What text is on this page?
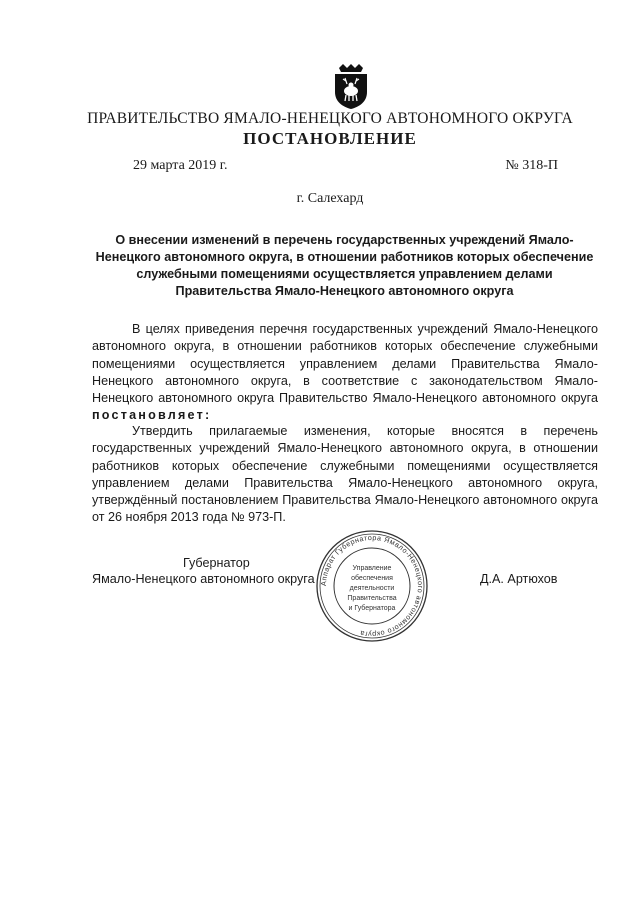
ПРАВИТЕЛЬСТВО ЯМАЛО-НЕНЕЦКОГО АВТОНОМНОГО ОКРУГА
ПОСТАНОВЛЕНИЕ
29 марта 2019 г.	№ 318-П
г. Салехард
О внесении изменений в перечень государственных учреждений Ямало-Ненецкого автономного округа, в отношении работников которых обеспечение служебными помещениями осуществляется управлением делами Правительства Ямало-Ненецкого автономного округа
В целях приведения перечня государственных учреждений Ямало-Ненецкого автономного округа, в отношении работников которых обеспечение служебными помещениями осуществляется управлением делами Правительства Ямало-Ненецкого автономного округа, в соответствие с законодательством Ямало-Ненецкого автономного округа Правительство Ямало-Ненецкого автономного округа постановляет:
Утвердить прилагаемые изменения, которые вносятся в перечень государственных учреждений Ямало-Ненецкого автономного округа, в отношении работников которых обеспечение служебными помещениями осуществляется управлением делами Правительства Ямало-Ненецкого автономного округа, утверждённый постановлением Правительства Ямало-Ненецкого автономного округа от 26 ноября 2013 года № 973-П.
Губернатор
Ямало-Ненецкого автономного округа	Д.А. Артюхов
Аппарат Губернатора Ямало-Ненецкого автономного округа
Управление
обеспечения
деятельности
Правительства
и Губернатора
